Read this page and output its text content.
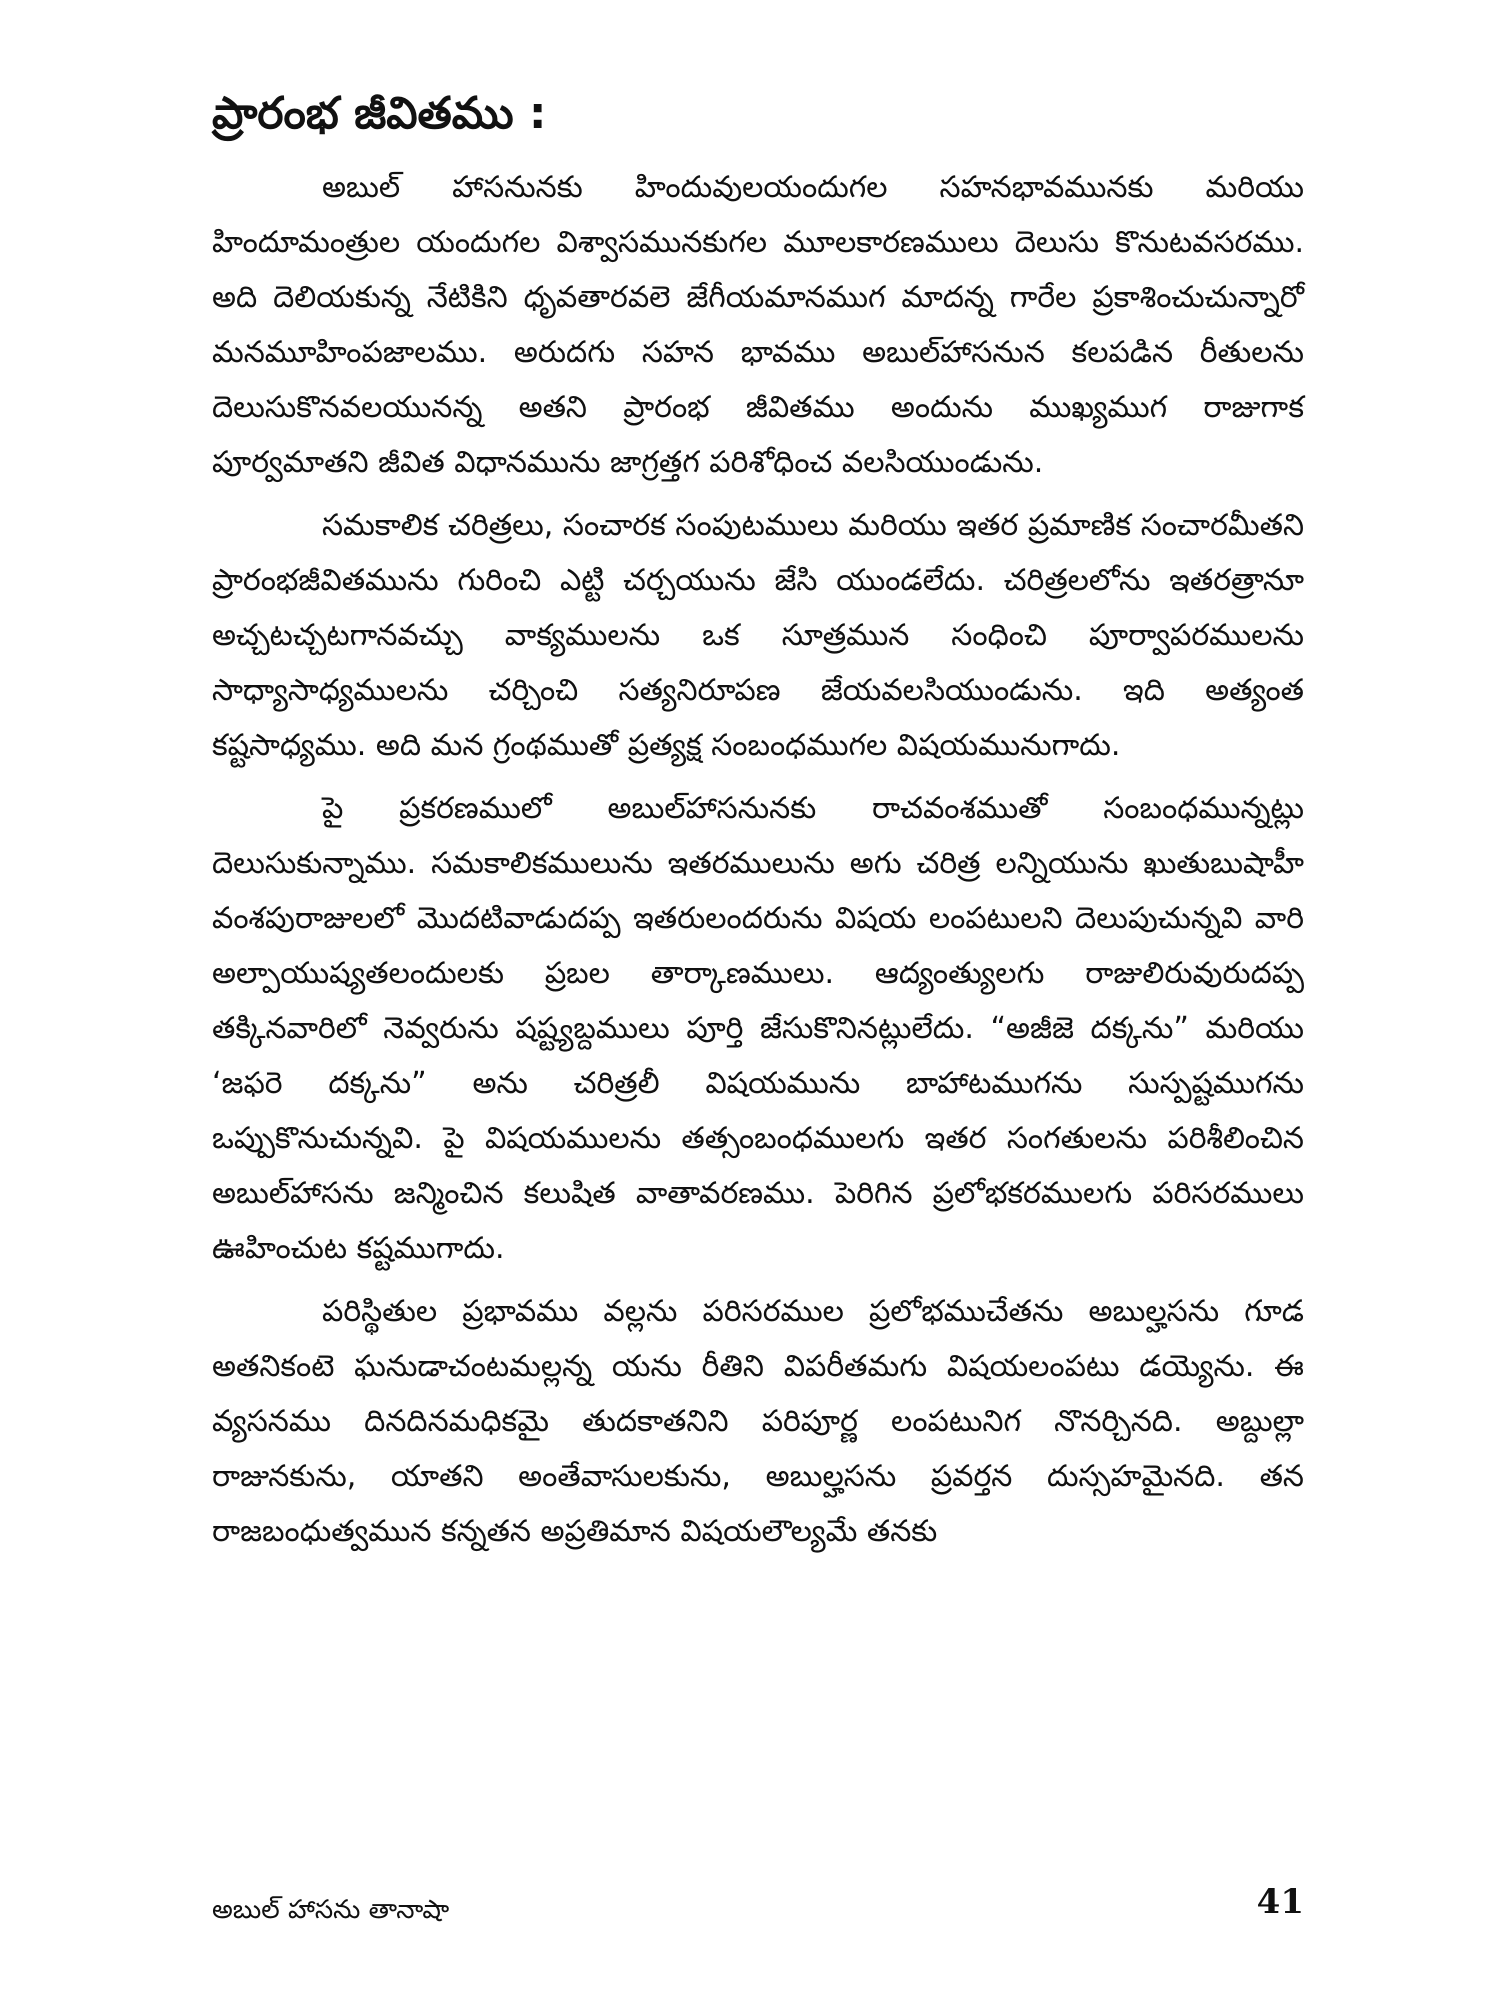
ప్రారంభ జీవితము :

అబుల్ హాసనునకు హిందువులయందుగల సహనభావమునకు మరియు హిందూమంత్రుల యందుగల విశ్వాసమునకుగల మూలకారణములు దెలుసు కొనుటవసరము. అది దెలియకున్న నేటికిని ధృవతారవలె జేగీయమానముగ మాదన్న గారేల ప్రకాశించుచున్నారో మనమూహింపజాలము. అరుదగు సహన భావము అబుల్‌హాసనున కలపడిన రీతులను దెలుసుకొనవలయునన్న అతని ప్రారంభ జీవితము అందును ముఖ్యముగ రాజుగాక పూర్వమాతని జీవిత విధానమును జాగ్రత్తగ పరిశోధించ వలసియుండును.

సమకాలిక చరిత్రలు, సంచారక సంపుటములు మరియు ఇతర ప్రమాణిక సంచారమీతని ప్రారంభజీవితమును గురించి ఎట్టి చర్చయును జేసి యుండలేదు. చరిత్రలలోను ఇతరత్రానూ అచ్చటచ్చటగానవచ్చు వాక్యములను ఒక సూత్రమున సంధించి పూర్వాపరములను సాధ్యాసాధ్యములను చర్చించి సత్యనిరూపణ జేయవలసియుండును. ఇది అత్యంత కష్టసాధ్యము. అది మన గ్రంథముతో ప్రత్యక్ష సంబంధముగల విషయమునుగాదు.

పై ప్రకరణములో అబుల్‌హాసనునకు రాచవంశముతో సంబంధమున్నట్లు దెలుసుకున్నాము. సమకాలికములును ఇతరములును అగు చరిత్ర లన్నియును ఖుతుబుషాహీ వంశపురాజులలో మొదటివాడుదప్ప ఇతరులందరును విషయ లంపటులని దెలుపుచున్నవి వారి అల్పాయుష్యతలందులకు ప్రబల తార్కాణములు. ఆద్యంత్యులగు రాజులిరువురుదప్ప తక్కినవారిలో నెవ్వరును షష్ట్యబ్దములు పూర్తి జేసుకొనినట్లులేదు. “అజీజె దక్కను” మరియు ‘జఫరె దక్కను” అను చరిత్రలీ విషయమును బాహాటముగను సుస్పష్టముగను ఒప్పుకొనుచున్నవి. పై విషయములను తత్సంబంధములగు ఇతర సంగతులను పరిశీలించిన అబుల్‌హాసను జన్మించిన కలుషిత వాతావరణము. పెరిగిన ప్రలోభకరములగు పరిసరములు ఊహించుట కష్టముగాదు.

పరిస్థితుల ప్రభావము వల్లను పరిసరముల ప్రలోభముచేతను అబుల్హసను గూడ అతనికంటె ఘనుడాచంటమల్లన్న యను రీతిని విపరీతమగు విషయలంపటు డయ్యెను. ఈ వ్యసనము దినదినమధికమై తుదకాతనిని పరిపూర్ణ లంపటునిగ నొనర్చినది. అబ్దుల్లా రాజునకును, యాతని అంతేవాసులకును, అబుల్హసను ప్రవర్తన దుస్సహమైనది. తన రాజబంధుత్వమున కన్నతన అప్రతిమాన విషయలౌల్యమే తనకు

అబుల్ హాసను తానాషా	41
